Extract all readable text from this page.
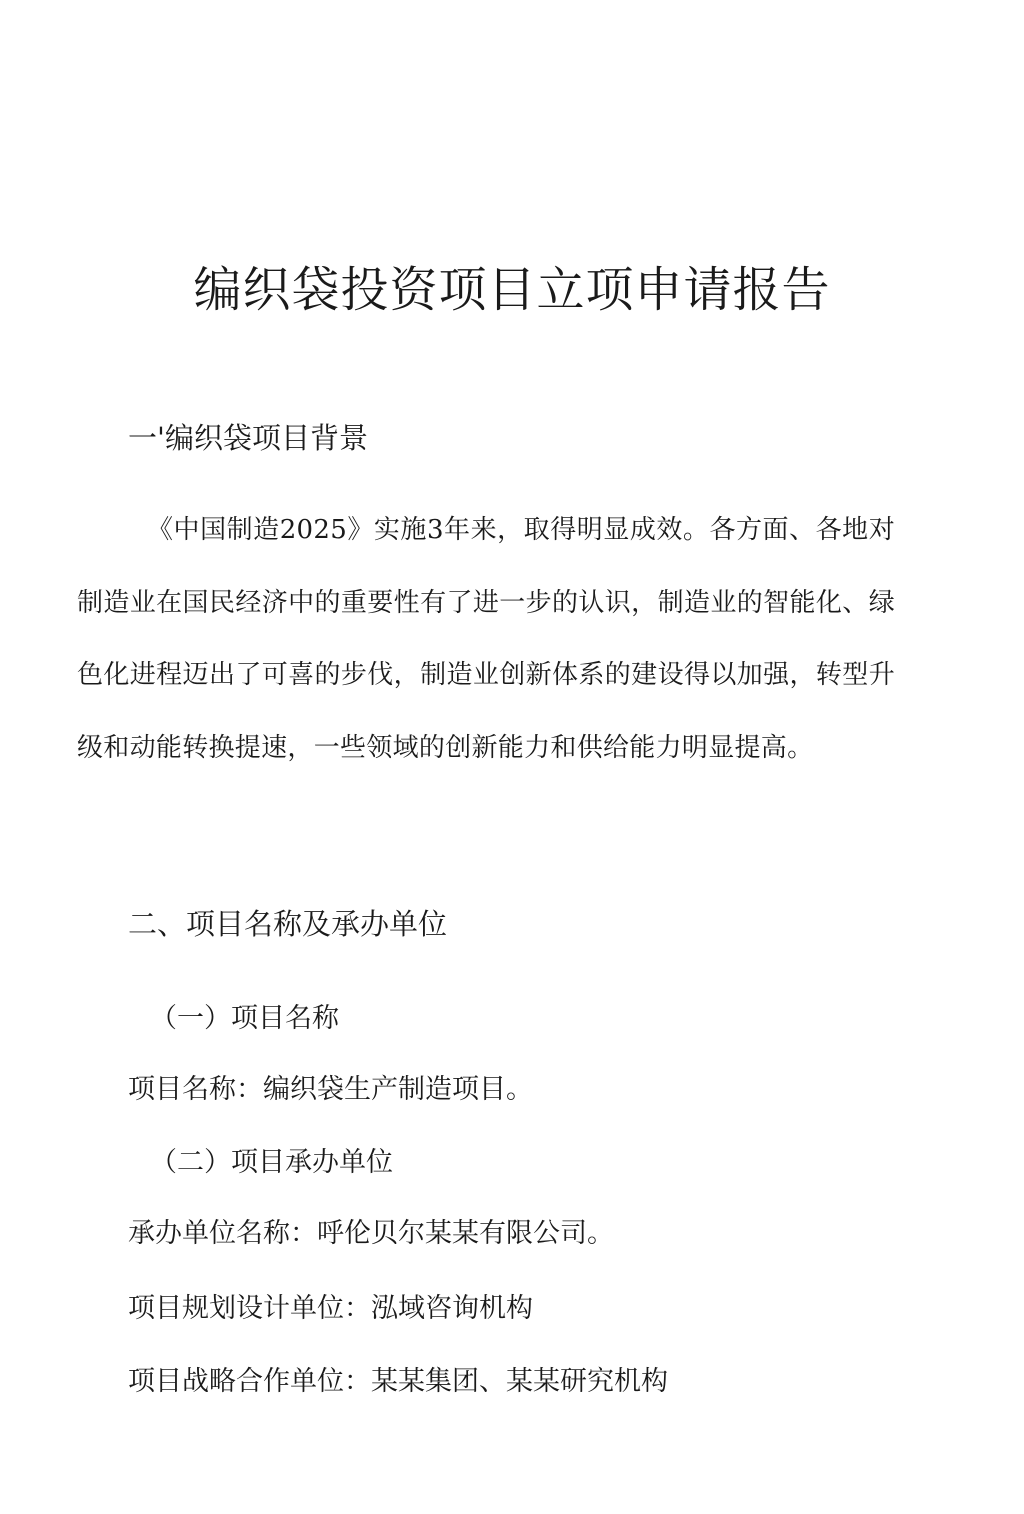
编织袋投资项目立项申请报告
一'编织袋项目背景

《中国制造2025》实施3年来，取得明显成效。各方面、各地对制造业在国民经济中的重要性有了进一步的认识，制造业的智能化、绿色化进程迈出了可喜的步伐，制造业创新体系的建设得以加强，转型升级和动能转换提速，一些领域的创新能力和供给能力明显提高。

二、项目名称及承办单位
（一）项目名称

项目名称：编织袋生产制造项目。

（二）项目承办单位

承办单位名称：呼伦贝尔某某有限公司。

项目规划设计单位：泓域咨询机构

项目战略合作单位：某某集团、某某研究机构
